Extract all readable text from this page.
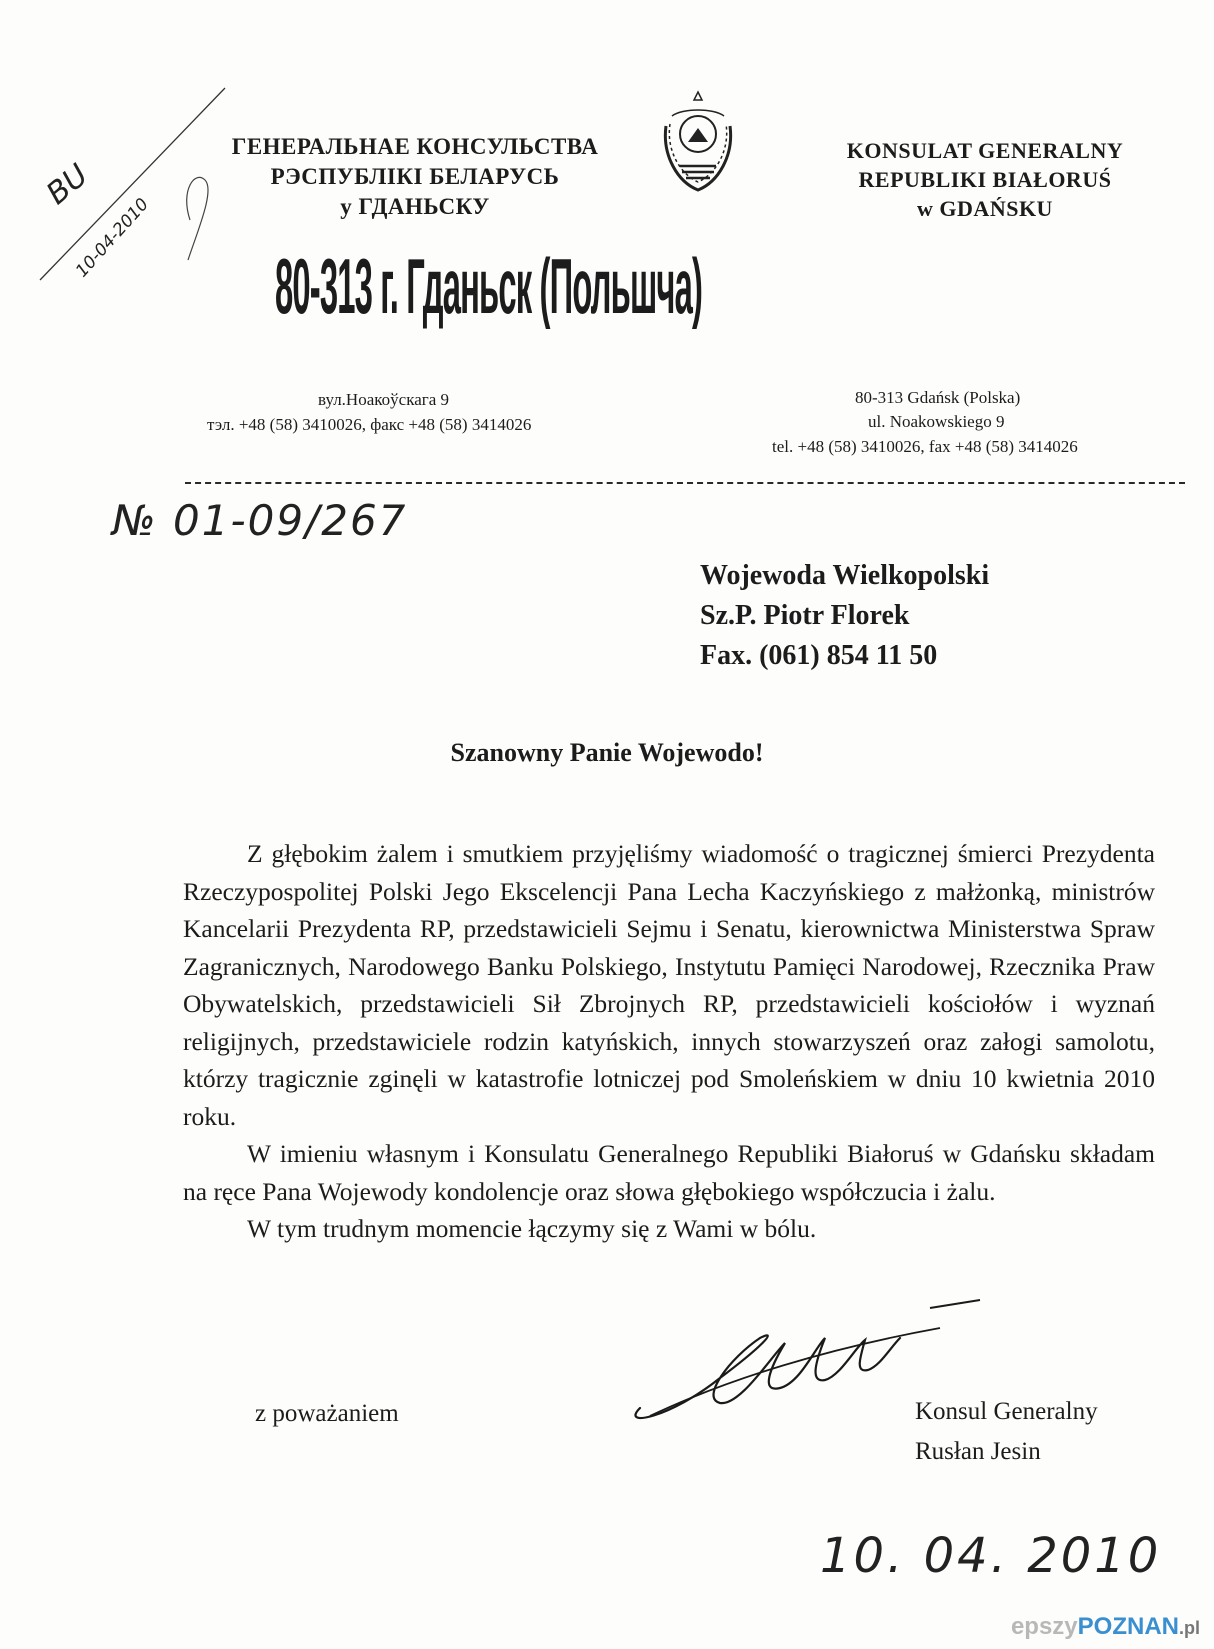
ГЕНЕРАЛЬНАЕ КОНСУЛЬСТВА
РЭСПУБЛІКІ БЕЛАРУСЬ
у ГДАНЬСКУ
KONSULAT GENERALNY
REPUBLIKI BIAŁORUŚ
w GDAŃSKU
BU
10-04-2010
80-313 г. Гданьск (Польшча)
вул.Ноакоўскага 9
тэл. +48 (58) 3410026, факс +48 (58) 3414026
80-313 Gdańsk (Polska)
ul. Noakowskiego 9
tel. +48 (58) 3410026, fax +48 (58) 3414026
№ 01-09/267
Wojewoda Wielkopolski
Sz.P. Piotr Florek
Fax. (061) 854 11 50
Szanowny Panie Wojewodo!

Z głębokim żalem i smutkiem przyjęliśmy wiadomość o tragicznej śmierci Prezydenta Rzeczypospolitej Polski Jego Ekscelencji Pana Lecha Kaczyńskiego z małżonką, ministrów Kancelarii Prezydenta RP, przedstawicieli Sejmu i Senatu, kierownictwa Ministerstwa Spraw Zagranicznych, Narodowego Banku Polskiego, Instytutu Pamięci Narodowej, Rzecznika Praw Obywatelskich, przedstawicieli Sił Zbrojnych RP, przedstawicieli kościołów i wyznań religijnych, przedstawiciele rodzin katyńskich, innych stowarzyszeń oraz załogi samolotu, którzy tragicznie zginęli w katastrofie lotniczej pod Smoleńskiem w dniu 10 kwietnia 2010 roku.

W imieniu własnym i Konsulatu Generalnego Republiki Białoruś w Gdańsku składam na ręce Pana Wojewody kondolencje oraz słowa głębokiego współczucia i żalu.

W tym trudnym momencie łączymy się z Wami w bólu.

z poważaniem	Konsul Generalny
Rusłan Jesin
10. 04. 2010
epszyPOZNAN.pl
